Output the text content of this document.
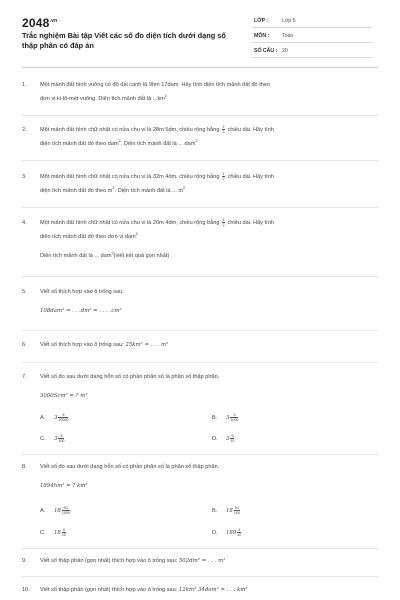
$2048^{.vn}$
Trắc nghiệm Bài tập Viết các số đo diện tích dưới dạng số thập phân có đáp án
LỚP :	Lớp 5
MÔN : Toán
SỐ CÂU : 20
1.	Một mảnh đất hình vuông có độ dài cạnh là 9hm 17dam. Hãy tính diện tích mảnh đất đó theo
đơn vị ki-lô-mét vuông. Diện tích mảnh đất là $...km^2$
2.	Một mảnh đất hình chữ nhật có nửa chu vi là 28m 5dm, chiều rộng bằng $\frac{2}{3}$ chiều dài. Hãy tính
diện tích mảnh đất đó theo dam$^2$. Diện tích mảnh đất là ... dam$^2$
3.	Một mảnh đất hình chữ nhật có nửa chu vi là 32m 4dm, chiều rộng bằng $\frac{1}{2}$ chiều dài. Hãy tính
diện tích mảnh đất đó theo $m^2$. Diện tích mảnh đất là ... $m^2$
4.	Một mảnh đất hình chữ nhật có nửa chu vi là 20m 4dm, chiều rộng bằng $\frac{1}{2}$ chiều dài. Hãy tính
diện tích mảnh đất đó theo đơn vị dam$^2$
Diện tích mảnh đất là ... dam$^2$(viết kết quả gọn nhất)
5.	Viết số thích hợp vào ô trống sau:
108dam² = . . .dm² = . . . .cm²
6.	Viết số thích hợp vào ô trống sau: 25km² = . . . m²
7.	Viết số đo sau dưới dạng hỗn số có phần phân số là phân số thập phân.
3000Scm² = ? m²
A. $3 \frac{5}{10000}$	B. $3 \frac{5}{1000}$
C. $3 \frac{5}{100}$	D. $3 \frac{5}{10}$
8.	Viết số đo sau dưới dạng hỗn số có phần phân số là phân số thập phân.
1894hm² = ? km²
A. $18 \frac{94}{1000}$	B. $18 \frac{94}{100}$
C. $18 \frac{9}{10}$	D. $189 \frac{4}{10}$
9.	Viết số thập phân (gọn nhất) thích hợp vào ô trống sau: 502dm² = . . . m²
10.	Viết số thập phân (gọn nhất) thích hợp vào ô trống sau: 12km² 34dam² = . . . km²
